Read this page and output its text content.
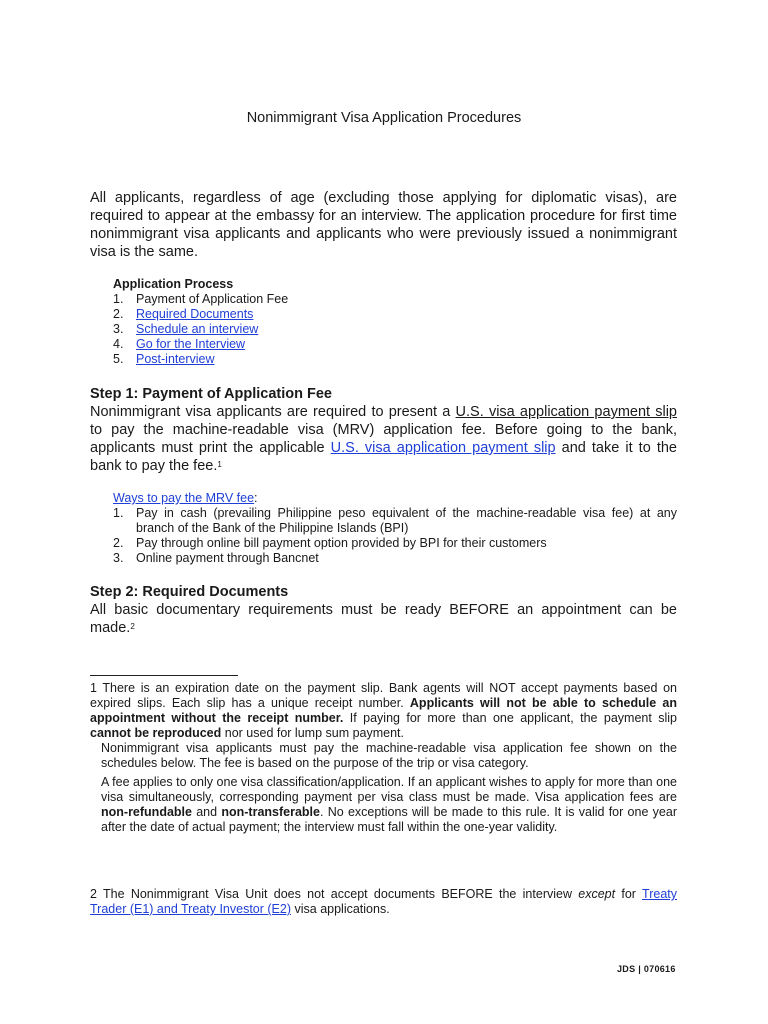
Nonimmigrant Visa Application Procedures

All applicants, regardless of age (excluding those applying for diplomatic visas), are required to appear at the embassy for an interview. The application procedure for first time nonimmigrant visa applicants and applicants who were previously issued a nonimmigrant visa is the same.

Application Process
1. Payment of Application Fee
2. Required Documents
3. Schedule an interview
4. Go for the Interview
5. Post-interview
Step 1: Payment of Application Fee

Nonimmigrant visa applicants are required to present a U.S. visa application payment slip to pay the machine-readable visa (MRV) application fee. Before going to the bank, applicants must print the applicable U.S. visa application payment slip and take it to the bank to pay the fee.$^1$

Ways to pay the MRV fee:
1. Pay in cash (prevailing Philippine peso equivalent of the machine-readable visa fee) at any branch of the Bank of the Philippine Islands (BPI)
2. Pay through online bill payment option provided by BPI for their customers
3. Online payment through Bancnet
Step 2: Required Documents

All basic documentary requirements must be ready BEFORE an appointment can be made.$^2$

1 There is an expiration date on the payment slip. Bank agents will NOT accept payments based on expired slips. Each slip has a unique receipt number. Applicants will not be able to schedule an appointment without the receipt number. If paying for more than one applicant, the payment slip cannot be reproduced nor used for lump sum payment.

Nonimmigrant visa applicants must pay the machine-readable visa application fee shown on the schedules below. The fee is based on the purpose of the trip or visa category.

A fee applies to only one visa classification/application. If an applicant wishes to apply for more than one visa simultaneously, corresponding payment per visa class must be made. Visa application fees are non-refundable and non-transferable. No exceptions will be made to this rule. It is valid for one year after the date of actual payment; the interview must fall within the one-year validity.

2 The Nonimmigrant Visa Unit does not accept documents BEFORE the interview except for Treaty Trader (E1) and Treaty Investor (E2) visa applications.

JDS | 070616
